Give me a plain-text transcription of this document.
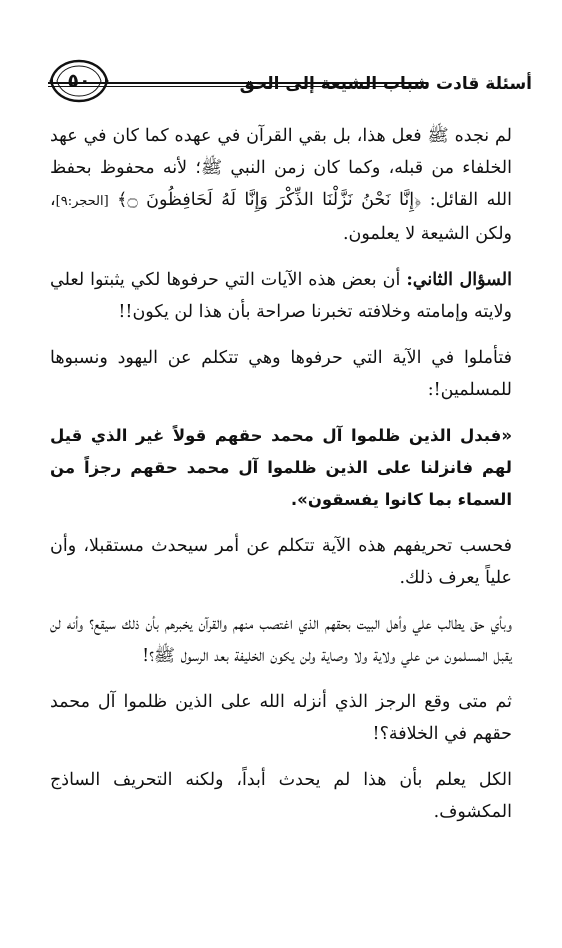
أسئلة قادت شباب الشيعة إلى الحق
٥٠

لم نجده ﷺ فعل هذا، بل بقي القرآن في عهده كما كان في عهد الخلفاء من قبله، وكما كان زمن النبي ﷺ؛ لأنه محفوظ بحفظ الله القائل: ﴿إِنَّا نَحْنُ نَزَّلْنَا الذِّكْرَ وَإِنَّا لَهُ لَحَافِظُونَ ۝﴾ [الحجر:٩]، ولكن الشيعة لا يعلمون.

السؤال الثاني: أن بعض هذه الآيات التي حرفوها لكي يثبتوا لعلي ولايته وإمامته وخلافته تخبرنا صراحة بأن هذا لن يكون!!

فتأملوا في الآية التي حرفوها وهي تتكلم عن اليهود ونسبوها للمسلمين!:

«فبدل الذين ظلموا آل محمد حقهم قولاً غير الذي قيل لهم فانزلنا على الذين ظلموا آل محمد حقهم رجزاً من السماء بما كانوا يفسقون».

فحسب تحريفهم هذه الآية تتكلم عن أمر سيحدث مستقبلا، وأن علياً يعرف ذلك.

وبأي حق يطالب علي وأهل البيت بحقهم الذي اغتصب منهم والقرآن يخبرهم بأن ذلك سيقع؟ وأنه لن يقبل المسلمون من علي ولاية ولا وصاية ولن يكون الخليفة بعد الرسول ﷺ؟!

ثم متى وقع الرجز الذي أنزله الله على الذين ظلموا آل محمد حقهم في الخلافة؟!

الكل يعلم بأن هذا لم يحدث أبداً، ولكنه التحريف الساذج المكشوف.
